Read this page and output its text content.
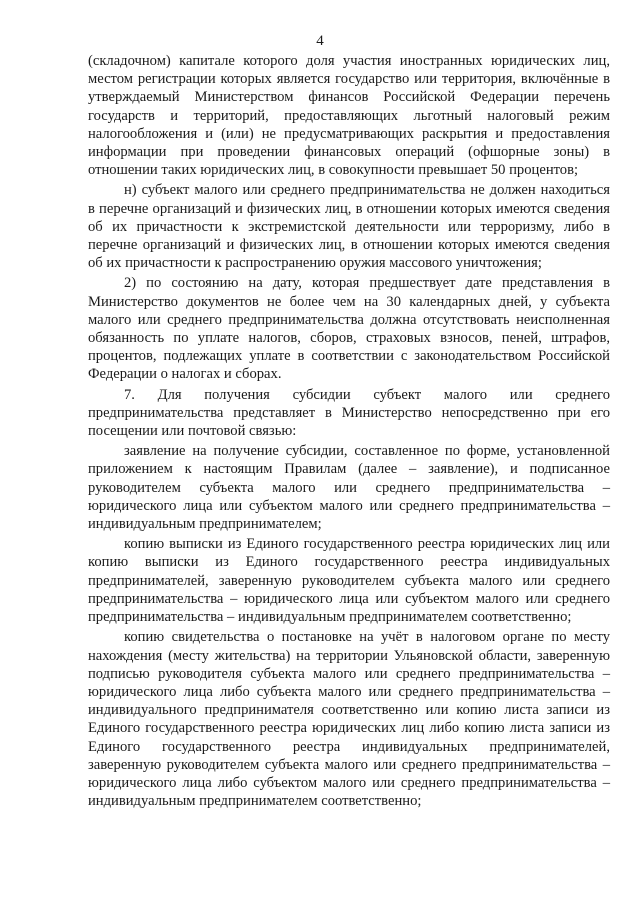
4

(складочном) капитале которого доля участия иностранных юридических лиц, местом регистрации которых является государство или территория, включённые в утверждаемый Министерством финансов Российской Федерации перечень государств и территорий, предоставляющих льготный налоговый режим налогообложения и (или) не предусматривающих раскрытия и предоставления информации при проведении финансовых операций (офшорные зоны) в отношении таких юридических лиц, в совокупности превышает 50 процентов;

н) субъект малого или среднего предпринимательства не должен находиться в перечне организаций и физических лиц, в отношении которых имеются сведения об их причастности к экстремистской деятельности или терроризму, либо в перечне организаций и физических лиц, в отношении которых имеются сведения об их причастности к распространению оружия массового уничтожения;

2) по состоянию на дату, которая предшествует дате представления в Министерство документов не более чем на 30 календарных дней, у субъекта малого или среднего предпринимательства должна отсутствовать неисполненная обязанность по уплате налогов, сборов, страховых взносов, пеней, штрафов, процентов, подлежащих уплате в соответствии с законодательством Российской Федерации о налогах и сборах.

7. Для получения субсидии субъект малого или среднего предпринимательства представляет в Министерство непосредственно при его посещении или почтовой связью:

заявление на получение субсидии, составленное по форме, установленной приложением к настоящим Правилам (далее – заявление), и подписанное руководителем субъекта малого или среднего предпринимательства – юридического лица или субъектом малого или среднего предпринимательства – индивидуальным предпринимателем;

копию выписки из Единого государственного реестра юридических лиц или копию выписки из Единого государственного реестра индивидуальных предпринимателей, заверенную руководителем субъекта малого или среднего предпринимательства – юридического лица или субъектом малого или среднего предпринимательства – индивидуальным предпринимателем соответственно;

копию свидетельства о постановке на учёт в налоговом органе по месту нахождения (месту жительства) на территории Ульяновской области, заверенную подписью руководителя субъекта малого или среднего предпринимательства – юридического лица либо субъекта малого или среднего предпринимательства – индивидуального предпринимателя соответственно или копию листа записи из Единого государственного реестра юридических лиц либо копию листа записи из Единого государственного реестра индивидуальных предпринимателей, заверенную руководителем субъекта малого или среднего предпринимательства – юридического лица либо субъектом малого или среднего предпринимательства – индивидуальным предпринимателем соответственно;
